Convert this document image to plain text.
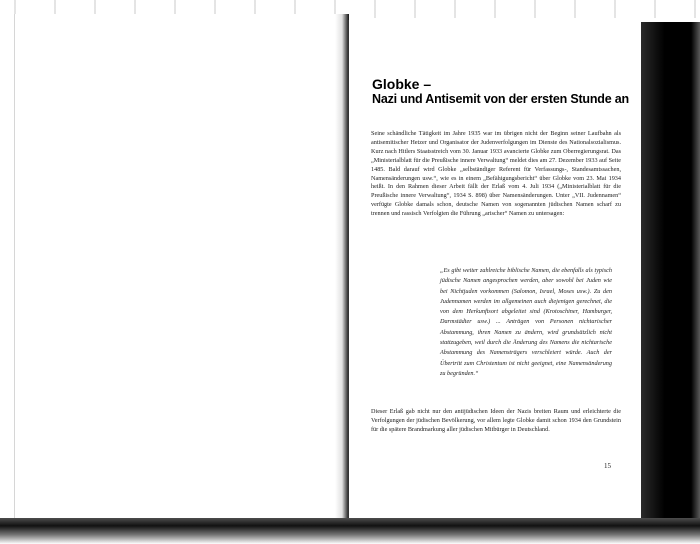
Globke –
Nazi und Antisemit von der ersten Stunde an

Seine schändliche Tätigkeit im Jahre 1935 war im übrigen nicht der Beginn seiner Laufbahn als antisemitischer Hetzer und Organisator der Judenverfolgungen im Dienste des Nationalsozialismus. Kurz nach Hitlers Staatsstreich vom 30. Januar 1933 avancierte Globke zum Oberregierungsrat. Das „Ministerialblatt für die Preußische innere Verwaltung“ meldet dies am 27. Dezember 1933 auf Seite 1485. Bald darauf wird Globke „selbständiger Referent für Verfassungs-, Standesamtssachen, Namensänderungen usw.“, wie es in einem „Befähigungsbericht“ über Globke vom 23. Mai 1934 heißt. In den Rahmen dieser Arbeit fällt der Erlaß vom 4. Juli 1934 („Ministerialblatt für die Preußische innere Verwaltung“, 1934 S. 898) über Namensänderungen. Unter „VII. Judennamen“ verfügte Globke damals schon, deutsche Namen von sogenannten jüdischen Namen scharf zu trennen und rassisch Verfolgten die Führung „arischer“ Namen zu untersagen:

„Es gibt weiter zahlreiche biblische Namen, die ebenfalls als typisch jüdische Namen angesprochen werden, aber sowohl bei Juden wie bei Nichtjuden vorkommen (Salomon, Israel, Moses usw.). Zu den Judennamen werden im allgemeinen auch diejenigen gerechnet, die von dem Herkunftsort abgeleitet sind (Krotoschiner, Hamburger, Darmstädter usw.) ... Anträgen von Personen nichtarischer Abstammung, ihren Namen zu ändern, wird grundsätzlich nicht stattzugeben, weil durch die Änderung des Namens die nichtarische Abstammung des Namensträgers verschleiert würde. Auch der Übertritt zum Christentum ist nicht geeignet, eine Namensänderung zu begründen.“

Dieser Erlaß gab nicht nur den antijüdischen Ideen der Nazis breiten Raum und erleichterte die Verfolgungen der jüdischen Bevölkerung, vor allem legte Globke damit schon 1934 den Grundstein für die spätere Brandmarkung aller jüdischen Mitbürger in Deutschland.

15
